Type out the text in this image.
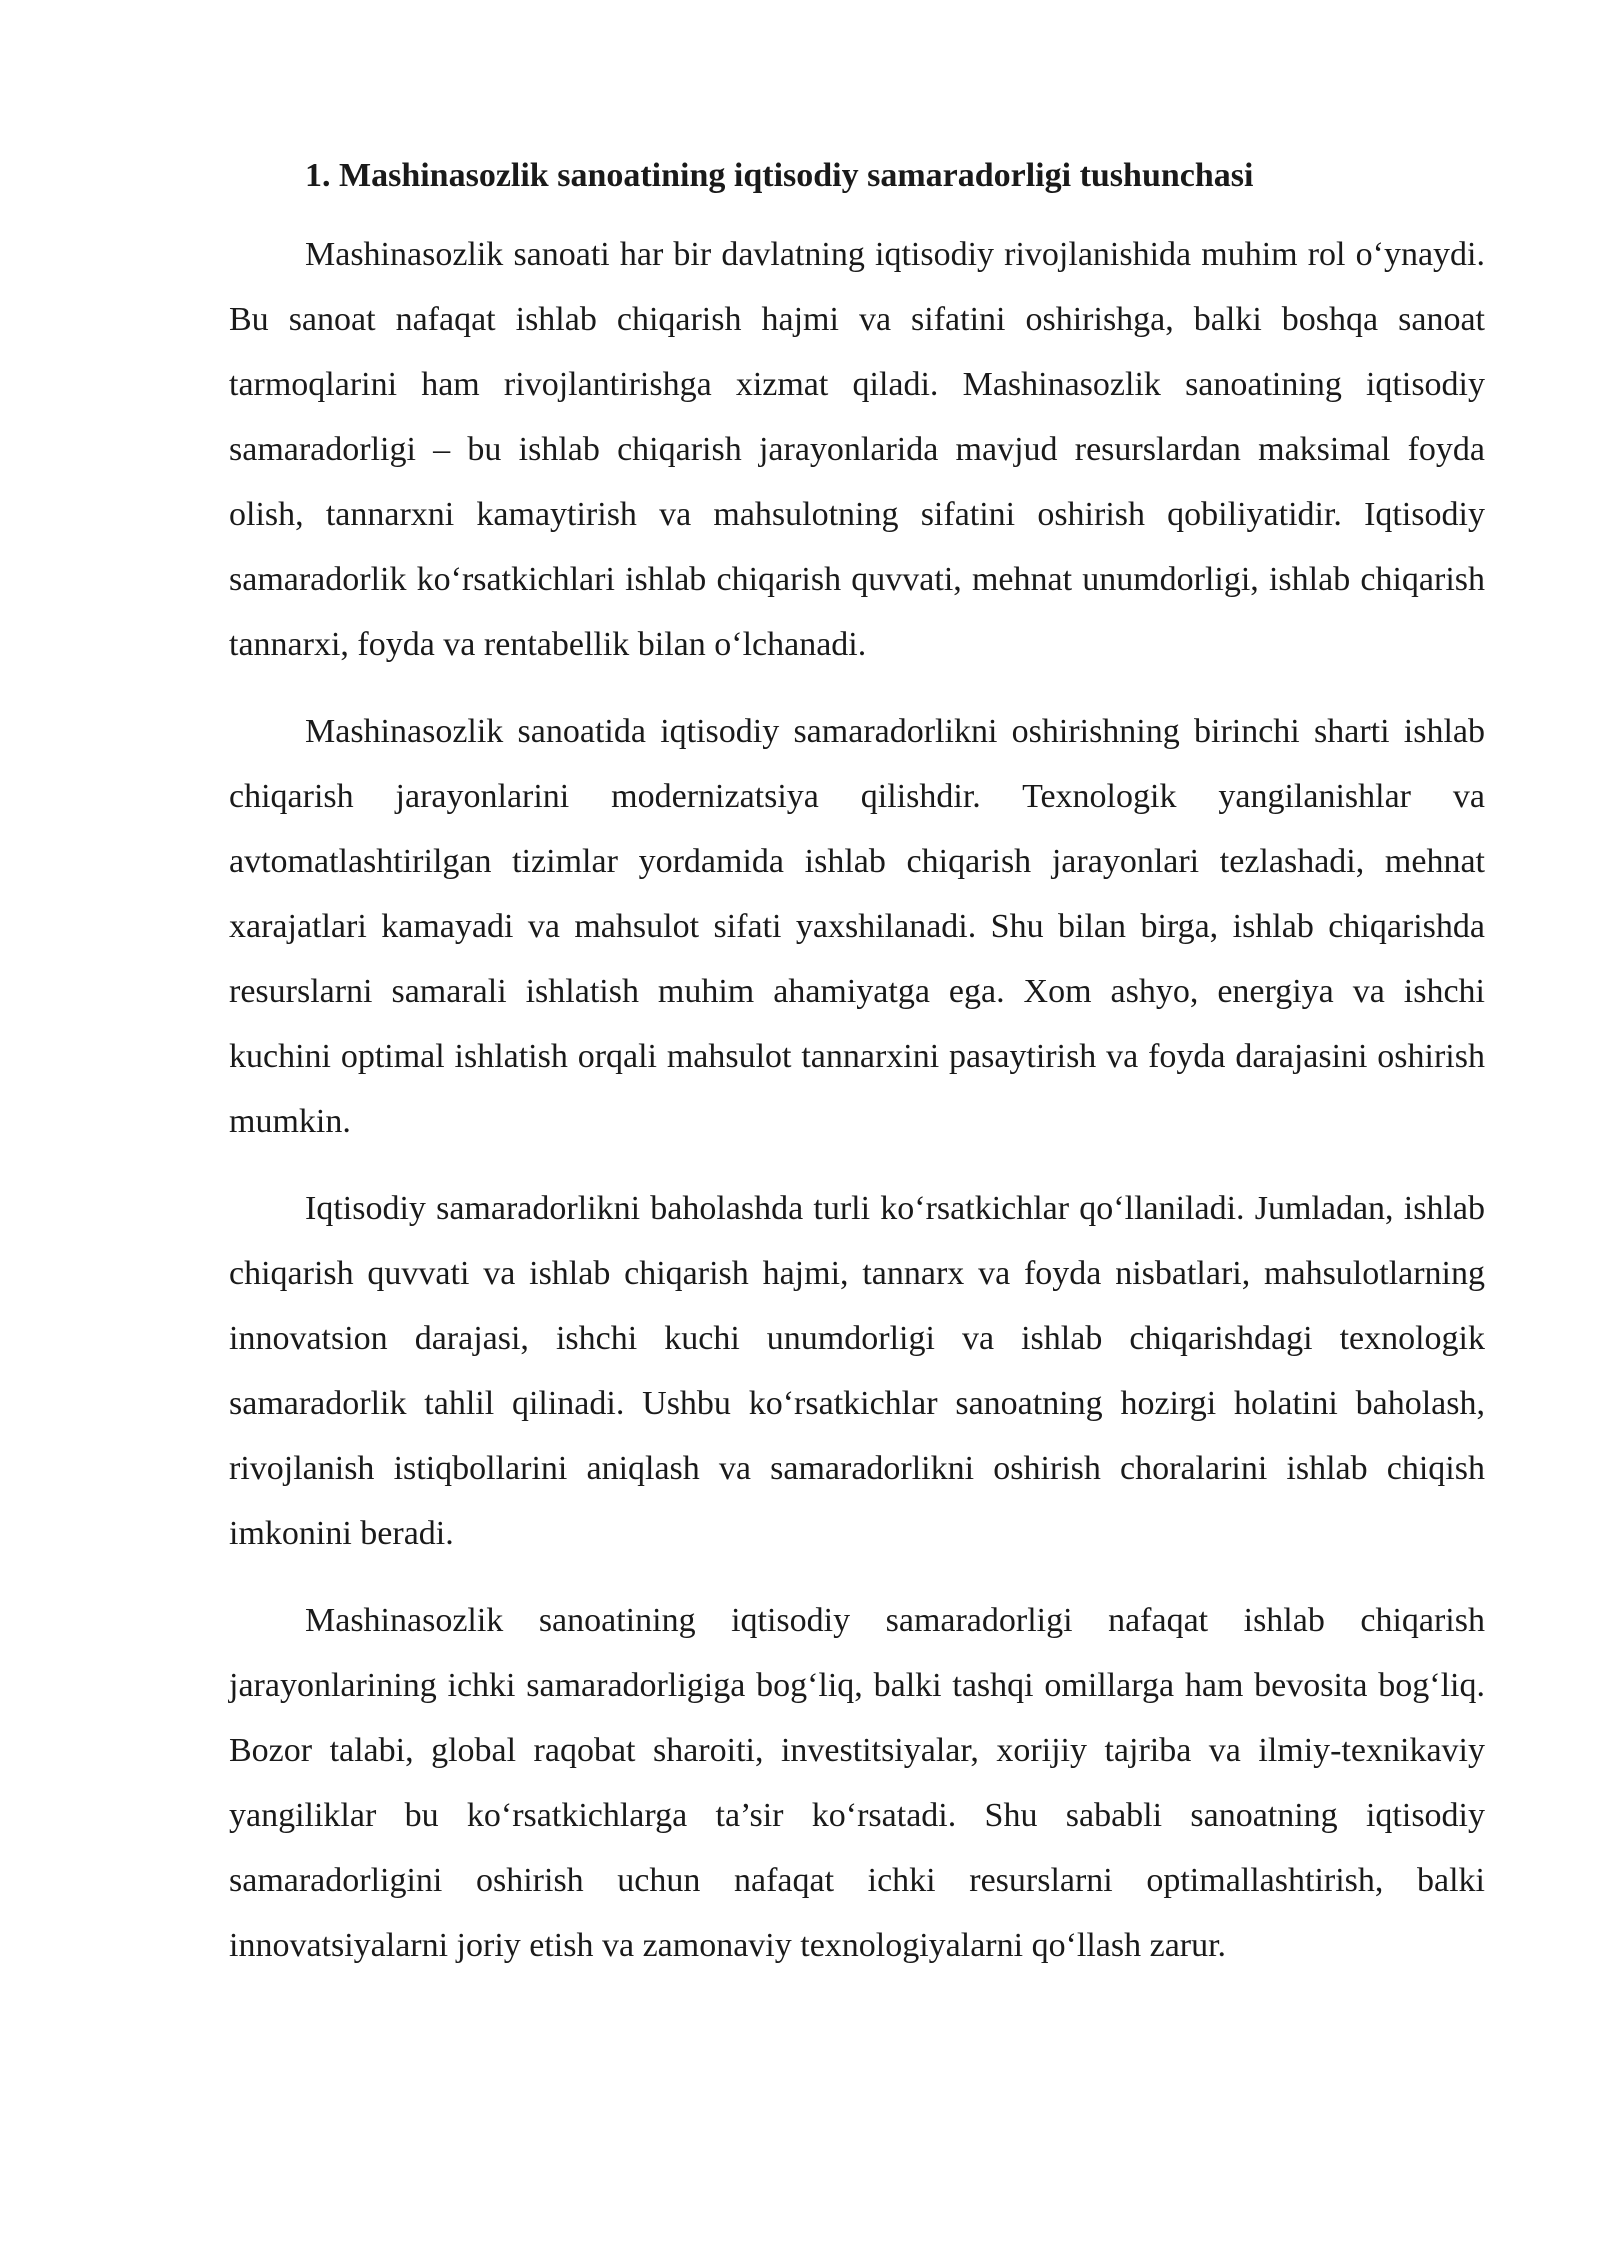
1. Mashinasozlik sanoatining iqtisodiy samaradorligi tushunchasi

Mashinasozlik sanoati har bir davlatning iqtisodiy rivojlanishida muhim rol o‘ynaydi. Bu sanoat nafaqat ishlab chiqarish hajmi va sifatini oshirishga, balki boshqa sanoat tarmoqlarini ham rivojlantirishga xizmat qiladi. Mashinasozlik sanoatining iqtisodiy samaradorligi – bu ishlab chiqarish jarayonlarida mavjud resurslardan maksimal foyda olish, tannarxni kamaytirish va mahsulotning sifatini oshirish qobiliyatidir. Iqtisodiy samaradorlik ko‘rsatkichlari ishlab chiqarish quvvati, mehnat unumdorligi, ishlab chiqarish tannarxi, foyda va rentabellik bilan o‘lchanadi.

Mashinasozlik sanoatida iqtisodiy samaradorlikni oshirishning birinchi sharti ishlab chiqarish jarayonlarini modernizatsiya qilishdir. Texnologik yangilanishlar va avtomatlashtirilgan tizimlar yordamida ishlab chiqarish jarayonlari tezlashadi, mehnat xarajatlari kamayadi va mahsulot sifati yaxshilanadi. Shu bilan birga, ishlab chiqarishda resurslarni samarali ishlatish muhim ahamiyatga ega. Xom ashyo, energiya va ishchi kuchini optimal ishlatish orqali mahsulot tannarxini pasaytirish va foyda darajasini oshirish mumkin.

Iqtisodiy samaradorlikni baholashda turli ko‘rsatkichlar qo‘llaniladi. Jumladan, ishlab chiqarish quvvati va ishlab chiqarish hajmi, tannarx va foyda nisbatlari, mahsulotlarning innovatsion darajasi, ishchi kuchi unumdorligi va ishlab chiqarishdagi texnologik samaradorlik tahlil qilinadi. Ushbu ko‘rsatkichlar sanoatning hozirgi holatini baholash, rivojlanish istiqbollarini aniqlash va samaradorlikni oshirish choralarini ishlab chiqish imkonini beradi.

Mashinasozlik sanoatining iqtisodiy samaradorligi nafaqat ishlab chiqarish jarayonlarining ichki samaradorligiga bog‘liq, balki tashqi omillarga ham bevosita bog‘liq. Bozor talabi, global raqobat sharoiti, investitsiyalar, xorijiy tajriba va ilmiy-texnikaviy yangiliklar bu ko‘rsatkichlarga ta’sir ko‘rsatadi. Shu sababli sanoatning iqtisodiy samaradorligini oshirish uchun nafaqat ichki resurslarni optimallashtirish, balki innovatsiyalarni joriy etish va zamonaviy texnologiyalarni qo‘llash zarur.
